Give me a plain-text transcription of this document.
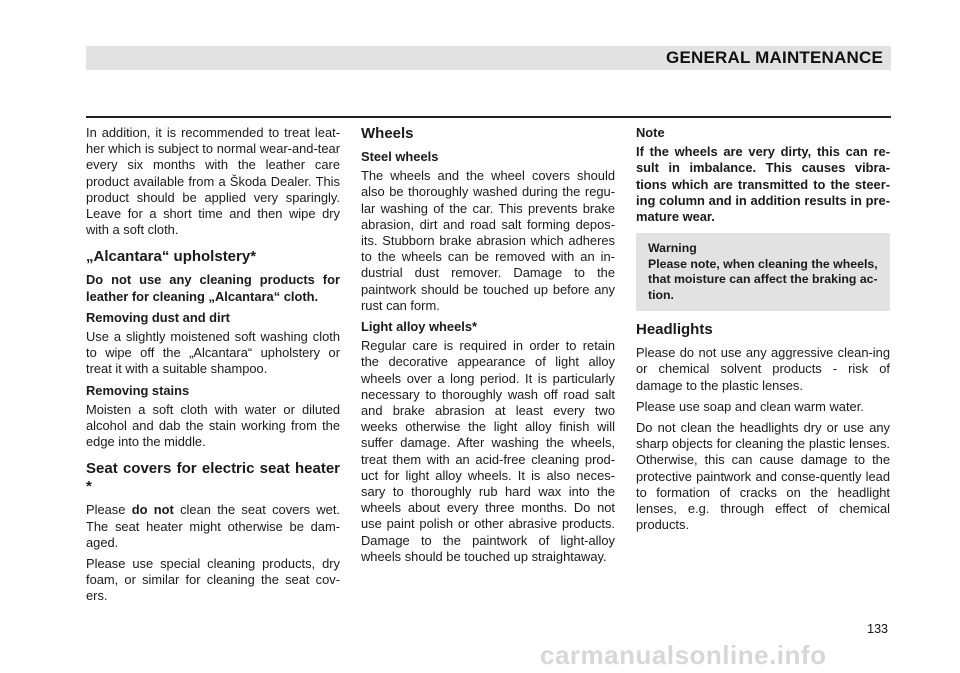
GENERAL MAINTENANCE

In addition, it is recommended to treat leat-her which is subject to normal wear-and-tear every six months with the leather care product available from a Škoda Dealer. This product should be applied very sparingly. Leave for a short time and then wipe dry with a soft cloth.

„Alcantara“ upholstery*

Do not use any cleaning products for leather for cleaning „Alcantara“ cloth.

Removing dust and dirt

Use a slightly moistened soft washing cloth to wipe off the „Alcantara“ upholstery or treat it with a suitable shampoo.

Removing stains

Moisten a soft cloth with water or diluted alcohol and dab the stain working from the edge into the middle.

Seat covers for electric seat heater *

Please do not clean the seat covers wet. The seat heater might otherwise be dam-aged.

Please use special cleaning products, dry foam, or similar for cleaning the seat cov-ers.

Wheels
Steel wheels

The wheels and the wheel covers should also be thoroughly washed during the regu-lar washing of the car. This prevents brake abrasion, dirt and road salt forming depos-its. Stubborn brake abrasion which adheres to the wheels can be removed with an in-dustrial dust remover. Damage to the paintwork should be touched up before any rust can form.

Light alloy wheels*

Regular care is required in order to retain the decorative appearance of light alloy wheels over a long period. It is particularly necessary to thoroughly wash off road salt and brake abrasion at least every two weeks otherwise the light alloy finish will suffer damage. After washing the wheels, treat them with an acid-free cleaning prod-uct for light alloy wheels. It is also neces-sary to thoroughly rub hard wax into the wheels about every three months. Do not use paint polish or other abrasive products. Damage to the paintwork of light-alloy wheels should be touched up straightaway.

Note

If the wheels are very dirty, this can re-sult in imbalance. This causes vibra-tions which are transmitted to the steer-ing column and in addition results in pre-mature wear.

Warning
Please note, when cleaning the wheels, that moisture can affect the braking ac-tion.
Headlights

Please do not use any aggressive clean-ing or chemical solvent products - risk of damage to the plastic lenses.

Please use soap and clean warm water.

Do not clean the headlights dry or use any sharp objects for cleaning the plastic lenses. Otherwise, this can cause damage to the protective paintwork and conse-quently lead to formation of cracks on the headlight lenses, e.g. through effect of chemical products.

133
carmanualsonline.info
